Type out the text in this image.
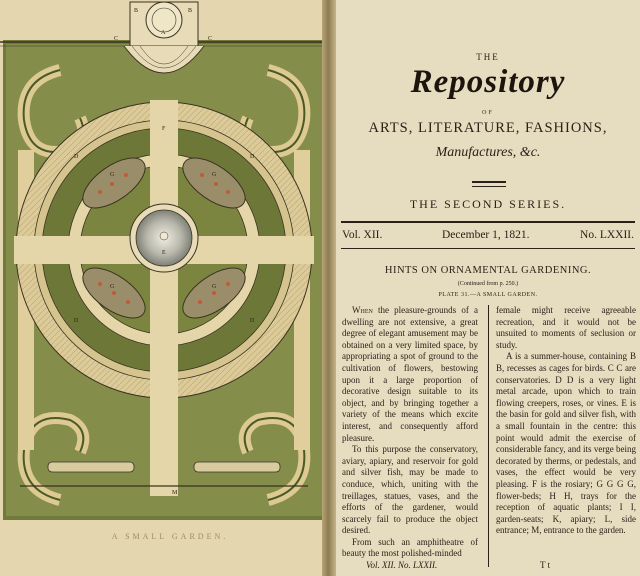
A
B	B
C	C
D	D
D	D
E
F
G	G
G	G
M
A SMALL GARDEN.
THE
Repository
OF
ARTS, LITERATURE, FASHIONS,
Manufactures, &c.
THE SECOND SERIES.
Vol. XII.	December 1, 1821.	No. LXXII.
HINTS ON ORNAMENTAL GARDENING.
(Continued from p. 250.)
PLATE 31.—A SMALL GARDEN.

When the pleasure-grounds of a dwelling are not extensive, a great degree of elegant amusement may be obtained on a very limited space, by appropriating a spot of ground to the cultivation of flowers, bestowing upon it a large proportion of decorative design suitable to its object, and by bringing together a variety of the means which excite interest, and consequently afford pleasure.

To this purpose the conservatory, aviary, apiary, and reservoir for gold and silver fish, may be made to conduce, which, uniting with the treillages, statues, vases, and the efforts of the gardener, would scarcely fail to produce the object desired.

From such an amphitheatre of beauty the most polished-minded

female might receive agreeable recreation, and it would not be unsuited to moments of seclusion or study.

A is a summer-house, containing B B, recesses as cages for birds. C C are conservatories. D D is a very light metal arcade, upon which to train flowing creepers, roses, or vines. E is the basin for gold and silver fish, with a small fountain in the centre: this point would admit the exercise of considerable fancy, and its verge being decorated by therms, or pedestals, and vases, the effect would be very pleasing. F is the rosiary; G G G G, flower-beds; H H, trays for the reception of aquatic plants; I I, garden-seats; K, apiary; L, side entrance; M, entrance to the garden.

Vol. XII. No. LXXII.	T t
